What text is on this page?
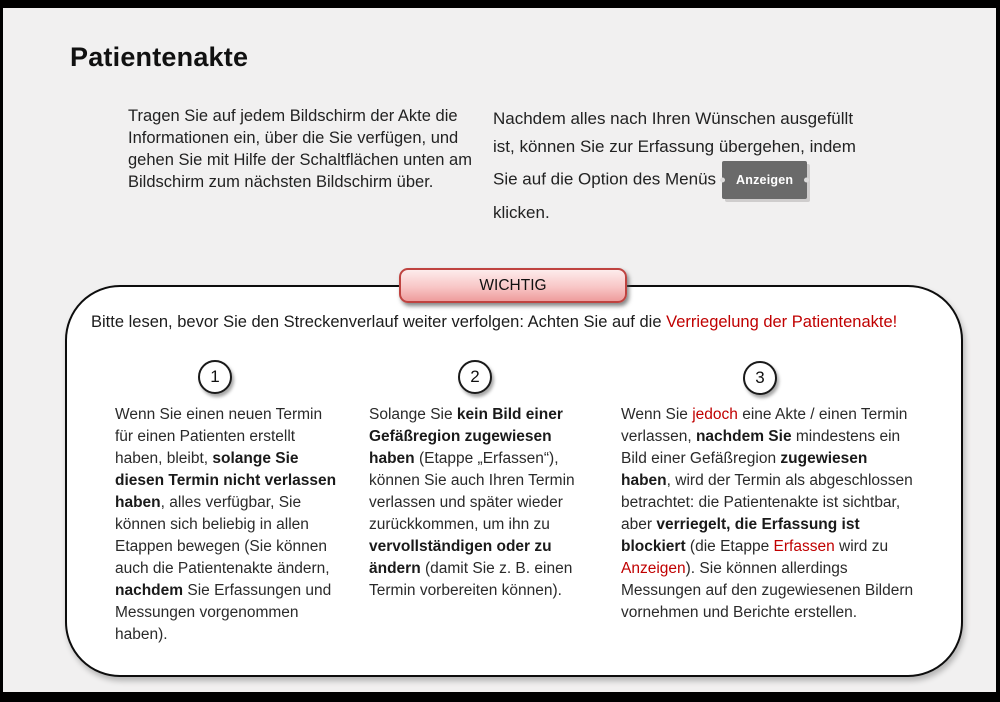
Patientenakte
Tragen Sie auf jedem Bildschirm der Akte die Informationen ein, über die Sie verfügen, und gehen Sie mit Hilfe der Schaltflächen unten am Bildschirm zum nächsten Bildschirm über.
Nachdem alles nach Ihren Wünschen ausgefüllt ist, können Sie zur Erfassung übergehen, indem Sie auf die Option des Menüs Anzeigen
klicken.
WICHTIG
Bitte lesen, bevor Sie den Streckenverlauf weiter verfolgen: Achten Sie auf die Verriegelung der Patientenakte!
1	2	3
Wenn Sie einen neuen Termin für einen Patienten erstellt haben, bleibt, solange Sie diesen Termin nicht verlassen haben, alles verfügbar, Sie können sich beliebig in allen Etappen bewegen (Sie können auch die Patientenakte ändern, nachdem Sie Erfassungen und Messungen vorgenommen haben).
Solange Sie kein Bild einer Gefäßregion zugewiesen haben (Etappe „Erfassen“), können Sie auch Ihren Termin verlassen und später wieder zurückkommen, um ihn zu vervollständigen oder zu ändern (damit Sie z. B. einen Termin vorbereiten können).
Wenn Sie jedoch eine Akte / einen Termin verlassen, nachdem Sie mindestens ein Bild einer Gefäßregion zugewiesen haben, wird der Termin als abgeschlossen betrachtet: die Patientenakte ist sichtbar, aber verriegelt, die Erfassung ist blockiert (die Etappe Erfassen wird zu Anzeigen). Sie können allerdings Messungen auf den zugewiesenen Bildern vornehmen und Berichte erstellen.
